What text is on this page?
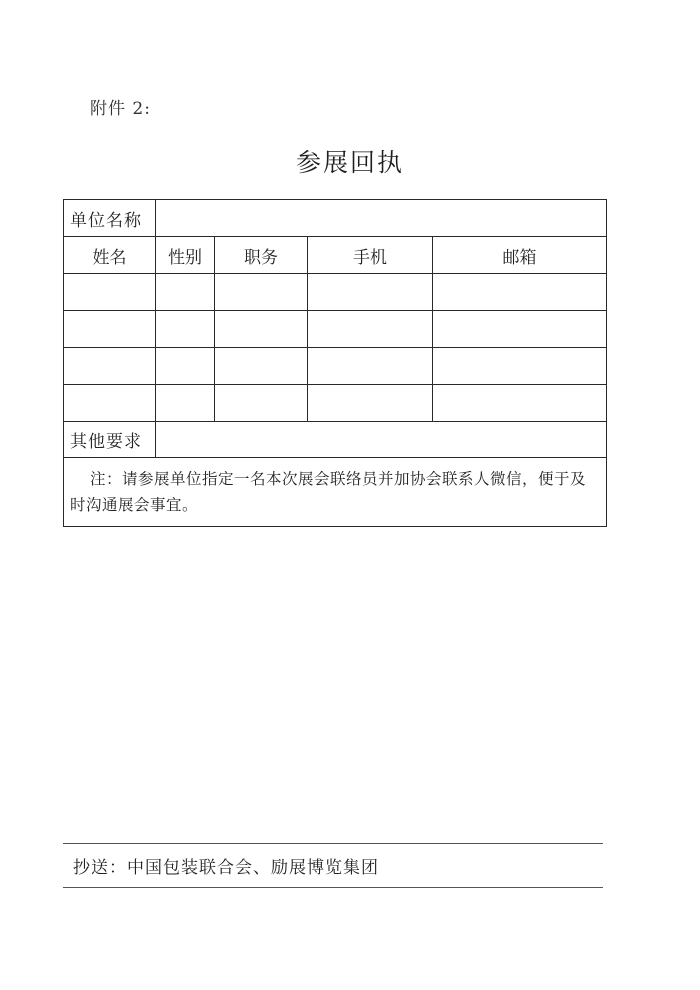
附件 2:
参展回执
单位名称				
姓名	性别	职务	手机	邮箱

其他要求				
注：请参展单位指定一名本次展会联络员并加协会联系人微信，便于及时沟通展会事宜。				
抄送：中国包装联合会、励展博览集团
